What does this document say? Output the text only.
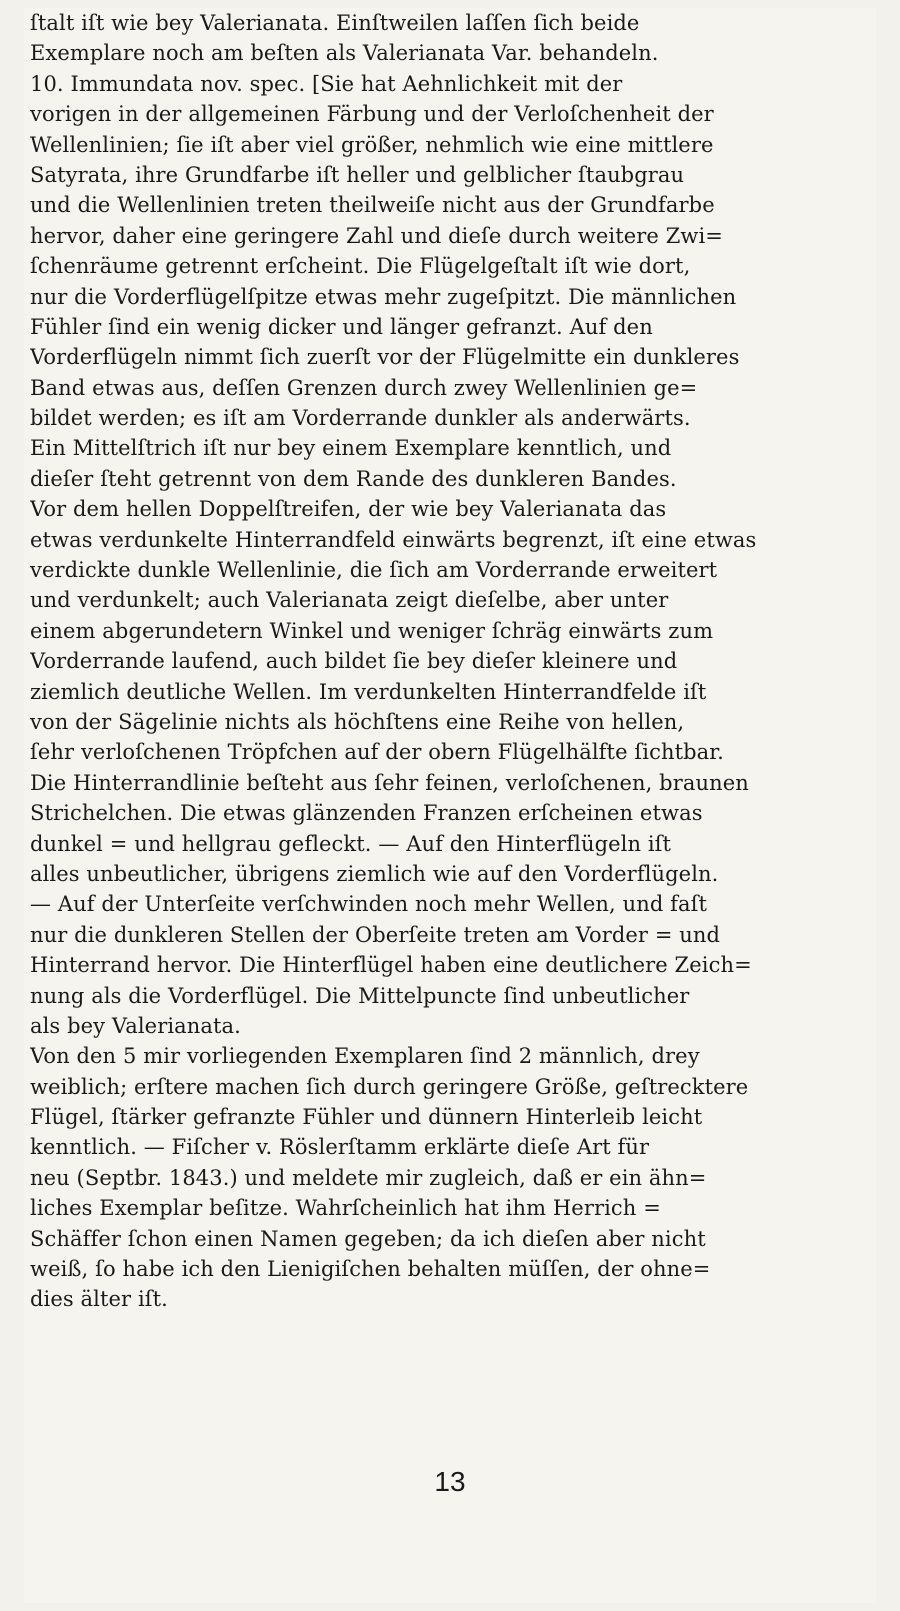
ſtalt iſt wie bey Valerianata. Einſtweilen laſſen ſich beide
Exemplare noch am beſten als Valerianata Var. behandeln.
10. Immundata nov. spec. [Sie hat Aehnlichkeit mit der
vorigen in der allgemeinen Färbung und der Verloſchenheit der
Wellenlinien; ſie iſt aber viel größer, nehmlich wie eine mittlere
Satyrata, ihre Grundfarbe iſt heller und gelblicher ſtaubgrau
und die Wellenlinien treten theilweiſe nicht aus der Grundfarbe
hervor, daher eine geringere Zahl und dieſe durch weitere Zwi=
ſchenräume getrennt erſcheint. Die Flügelgeſtalt iſt wie dort,
nur die Vorderflügelſpitze etwas mehr zugeſpitzt. Die männlichen
Fühler ſind ein wenig dicker und länger gefranzt. Auf den
Vorderflügeln nimmt ſich zuerſt vor der Flügelmitte ein dunkleres
Band etwas aus, deſſen Grenzen durch zwey Wellenlinien ge=
bildet werden; es iſt am Vorderrande dunkler als anderwärts.
Ein Mittelſtrich iſt nur bey einem Exemplare kenntlich, und
dieſer ſteht getrennt von dem Rande des dunkleren Bandes.
Vor dem hellen Doppelſtreifen, der wie bey Valerianata das
etwas verdunkelte Hinterrandfeld einwärts begrenzt, iſt eine etwas
verdickte dunkle Wellenlinie, die ſich am Vorderrande erweitert
und verdunkelt; auch Valerianata zeigt dieſelbe, aber unter
einem abgerundetern Winkel und weniger ſchräg einwärts zum
Vorderrande laufend, auch bildet ſie bey dieſer kleinere und
ziemlich deutliche Wellen. Im verdunkelten Hinterrandfelde iſt
von der Sägelinie nichts als höchſtens eine Reihe von hellen,
ſehr verloſchenen Tröpfchen auf der obern Flügelhälfte ſichtbar.
Die Hinterrandlinie beſteht aus ſehr feinen, verloſchenen, braunen
Strichelchen. Die etwas glänzenden Franzen erſcheinen etwas
dunkel = und hellgrau gefleckt. — Auf den Hinterflügeln iſt
alles unbeutlicher, übrigens ziemlich wie auf den Vorderflügeln.
— Auf der Unterſeite verſchwinden noch mehr Wellen, und faſt
nur die dunkleren Stellen der Oberſeite treten am Vorder = und
Hinterrand hervor. Die Hinterflügel haben eine deutlichere Zeich=
nung als die Vorderflügel. Die Mittelpuncte ſind unbeutlicher
als bey Valerianata.
Von den 5 mir vorliegenden Exemplaren ſind 2 männlich, drey
weiblich; erſtere machen ſich durch geringere Größe, geſtrecktere
Flügel, ſtärker gefranzte Fühler und dünnern Hinterleib leicht
kenntlich. — Fiſcher v. Röslerſtamm erklärte dieſe Art für
neu (Septbr. 1843.) und meldete mir zugleich, daß er ein ähn=
liches Exemplar beſitze. Wahrſcheinlich hat ihm Herrich =
Schäffer ſchon einen Namen gegeben; da ich dieſen aber nicht
weiß, ſo habe ich den Lienigiſchen behalten müſſen, der ohne=
dies älter iſt.
13
